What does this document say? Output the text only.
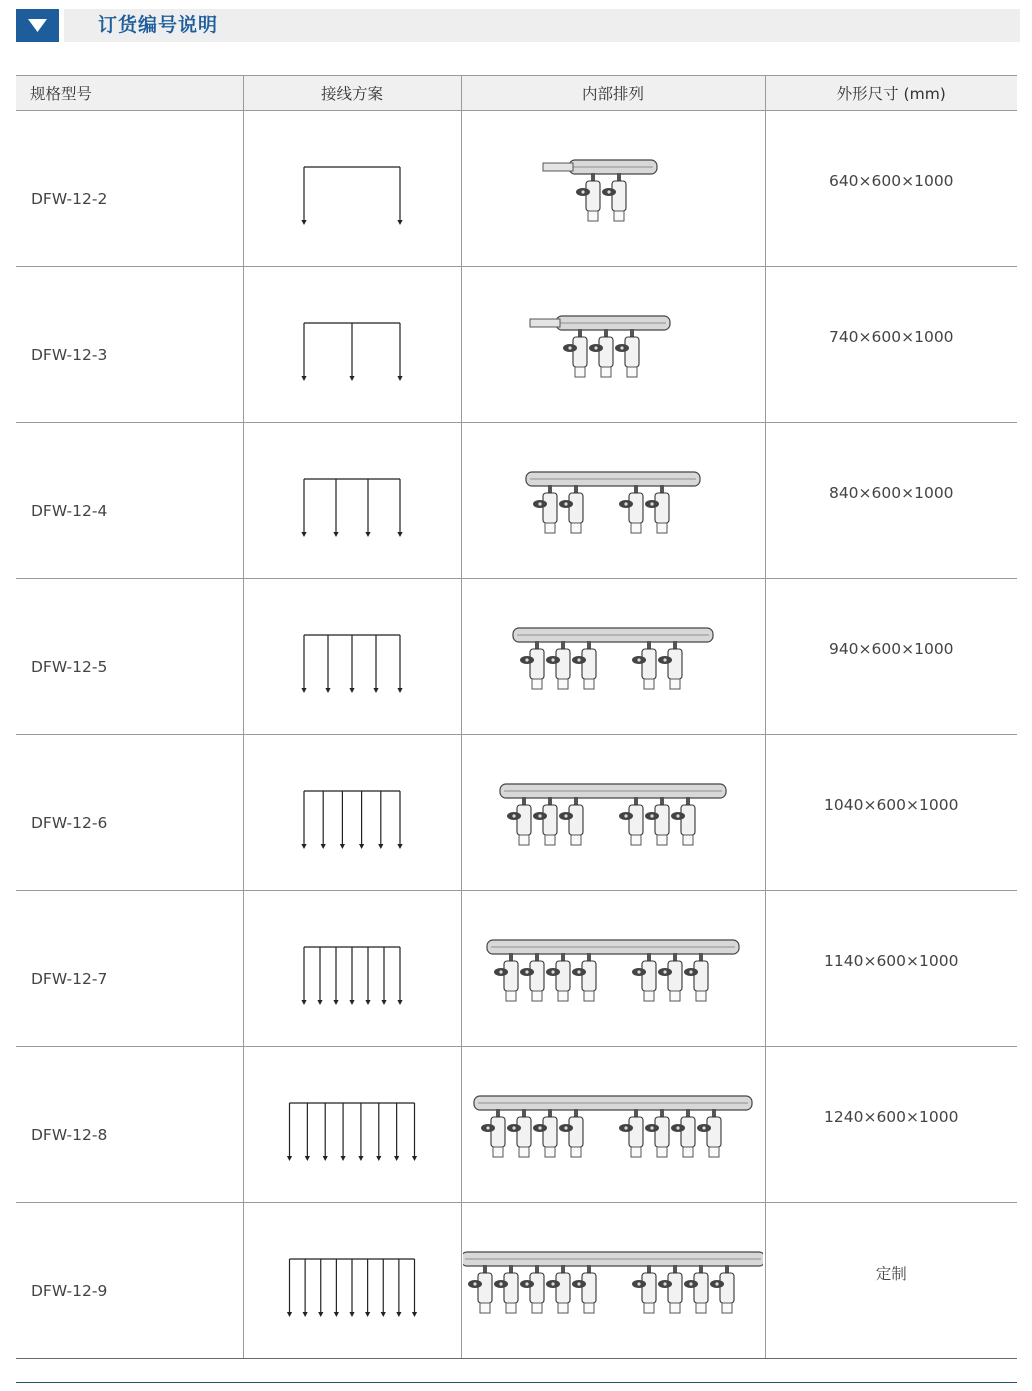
订货编号说明
规格型号	接线方案	内部排列	外形尺寸 (mm)
DFW-12-2			640×600×1000
DFW-12-3			740×600×1000
DFW-12-4			840×600×1000
DFW-12-5			940×600×1000
DFW-12-6			1040×600×1000
DFW-12-7			1140×600×1000
DFW-12-8			1240×600×1000
DFW-12-9			定制
